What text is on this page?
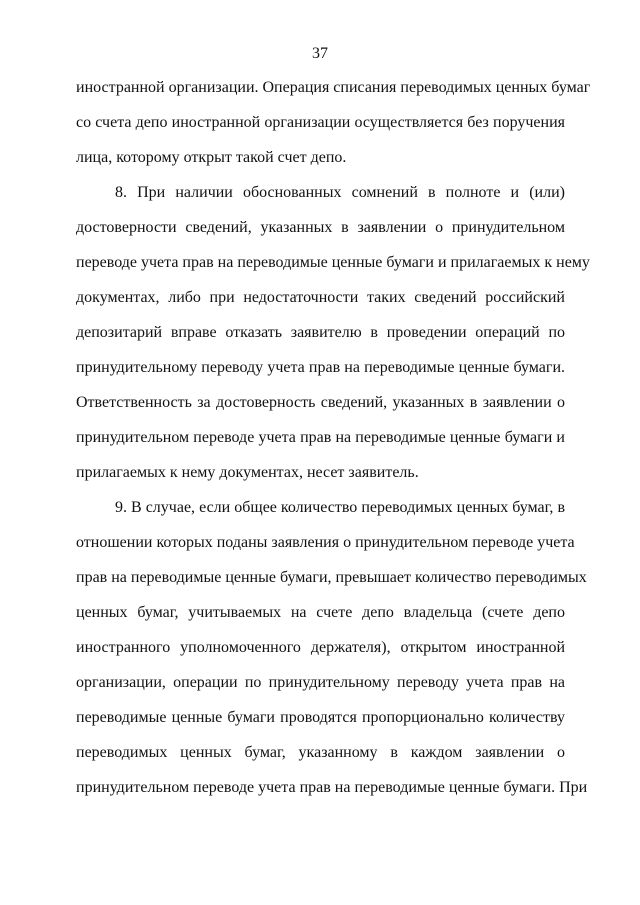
37
иностранной организации. Операция списания переводимых ценных бумаг
со счета депо иностранной организации осуществляется без поручения
лица, которому открыт такой счет депо.
8. При наличии обоснованных сомнений в полноте и (или)
достоверности сведений, указанных в заявлении о принудительном
переводе учета прав на переводимые ценные бумаги и прилагаемых к нему
документах, либо при недостаточности таких сведений российский
депозитарий вправе отказать заявителю в проведении операций по
принудительному переводу учета прав на переводимые ценные бумаги.
Ответственность за достоверность сведений, указанных в заявлении о
принудительном переводе учета прав на переводимые ценные бумаги и
прилагаемых к нему документах, несет заявитель.
9. В случае, если общее количество переводимых ценных бумаг, в
отношении которых поданы заявления о принудительном переводе учета
прав на переводимые ценные бумаги, превышает количество переводимых
ценных бумаг, учитываемых на счете депо владельца (счете депо
иностранного уполномоченного держателя), открытом иностранной
организации, операции по принудительному переводу учета прав на
переводимые ценные бумаги проводятся пропорционально количеству
переводимых ценных бумаг, указанному в каждом заявлении о
принудительном переводе учета прав на переводимые ценные бумаги. При
